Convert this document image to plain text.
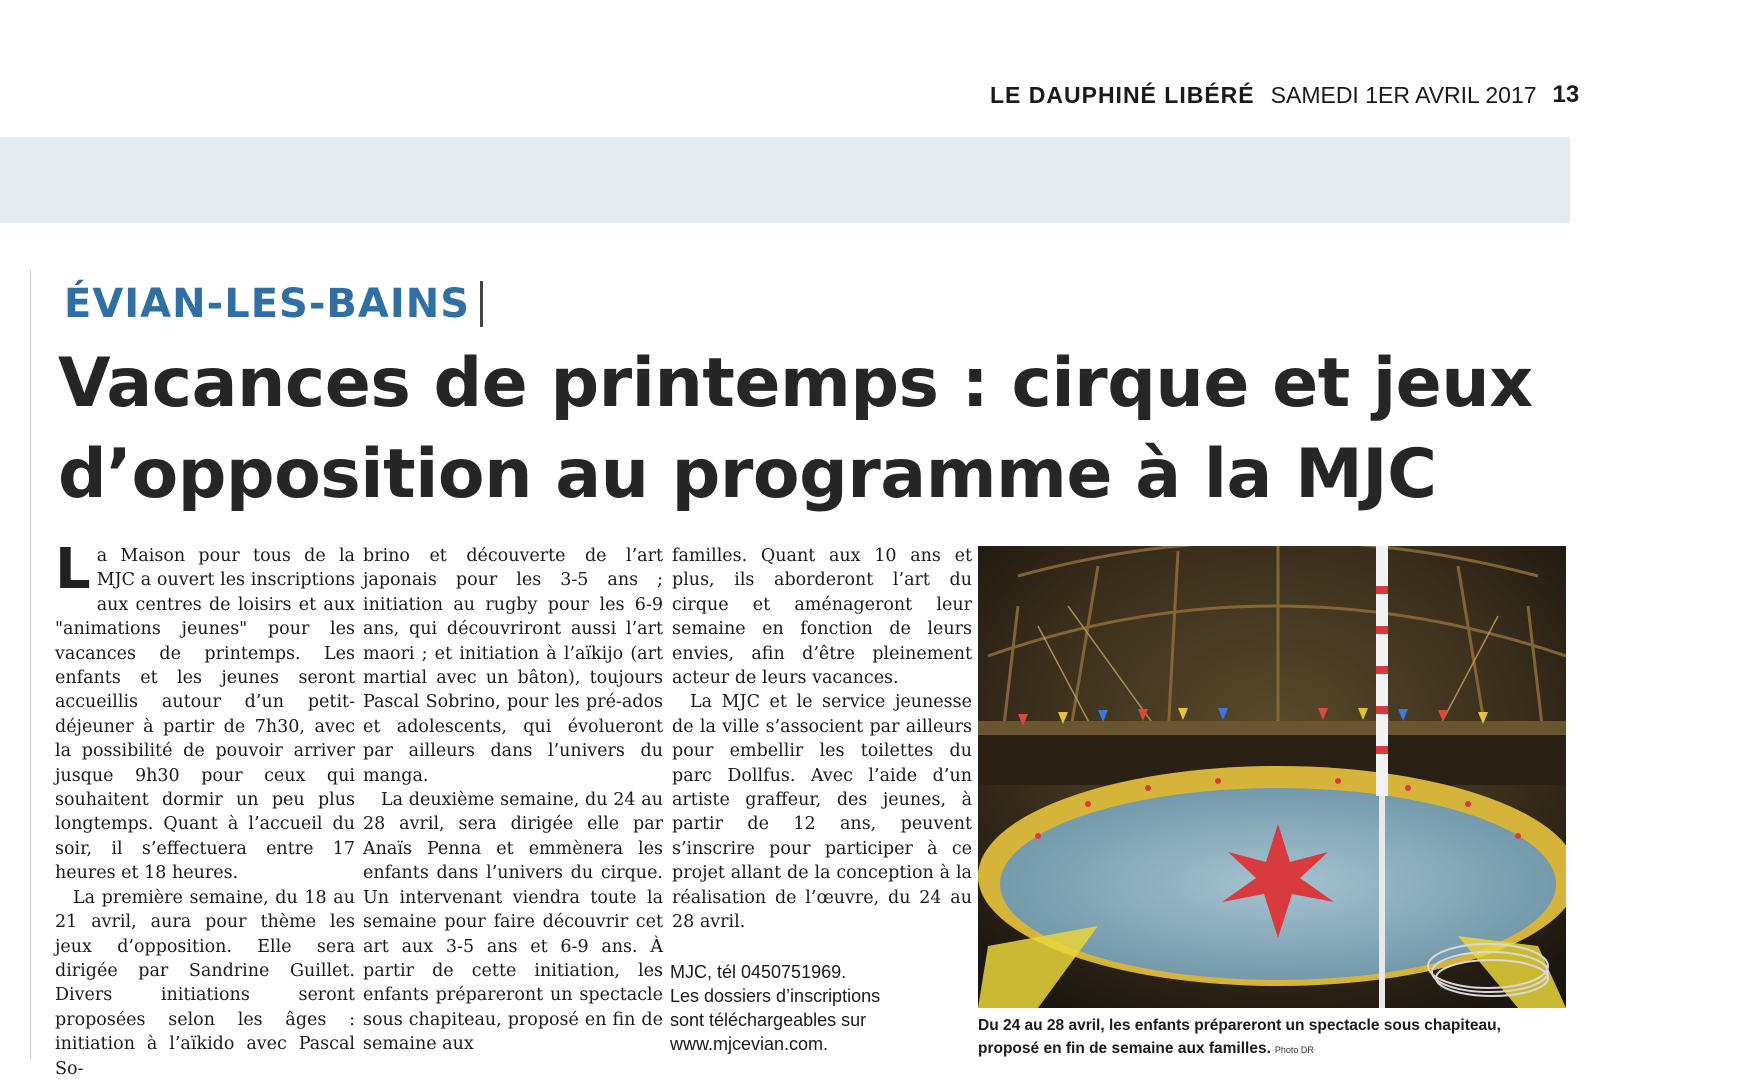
LE DAUPHINÉ LIBÉRÉ SAMEDI 1ER AVRIL 2017 13
ÉVIAN-LES-BAINS
Vacances de printemps : cirque et jeux
d’opposition au programme à la MJC

La Maison pour tous de la MJC a ouvert les inscriptions aux centres de loisirs et aux "animations jeunes" pour les vacances de printemps. Les enfants et les jeunes seront accueillis autour d’un petit-déjeuner à partir de 7h30, avec la possibilité de pouvoir arriver jusque 9h30 pour ceux qui souhaitent dormir un peu plus longtemps. Quant à l’accueil du soir, il s’effectuera entre 17 heures et 18 heures.

La première semaine, du 18 au 21 avril, aura pour thème les jeux d’opposition. Elle sera dirigée par Sandrine Guillet. Divers initiations seront proposées selon les âges : initiation à l’aïkido avec Pascal So-

brino et découverte de l’art japonais pour les 3-5 ans ; initiation au rugby pour les 6-9 ans, qui découvriront aussi l’art maori ; et initiation à l’aïkijo (art martial avec un bâton), toujours Pascal Sobrino, pour les pré-ados et adolescents, qui évolueront par ailleurs dans l’univers du manga.

La deuxième semaine, du 24 au 28 avril, sera dirigée elle par Anaïs Penna et emmènera les enfants dans l’univers du cirque. Un intervenant viendra toute la semaine pour faire découvrir cet art aux 3-5 ans et 6-9 ans. À partir de cette initiation, les enfants prépareront un spectacle sous chapiteau, proposé en fin de semaine aux

familles. Quant aux 10 ans et plus, ils aborderont l’art du cirque et aménageront leur semaine en fonction de leurs envies, afin d’être pleinement acteur de leurs vacances.

La MJC et le service jeunesse de la ville s’associent par ailleurs pour embellir les toilettes du parc Dollfus. Avec l’aide d’un artiste graffeur, des jeunes, à partir de 12 ans, peuvent s’inscrire pour participer à ce projet allant de la conception à la réalisation de l’œuvre, du 24 au 28 avril.

MJC, tél 0450751969.
Les dossiers d’inscriptions
sont téléchargeables sur
www.mjcevian.com.
Du 24 au 28 avril, les enfants prépareront un spectacle sous chapiteau,
proposé en fin de semaine aux familles. Photo DR
